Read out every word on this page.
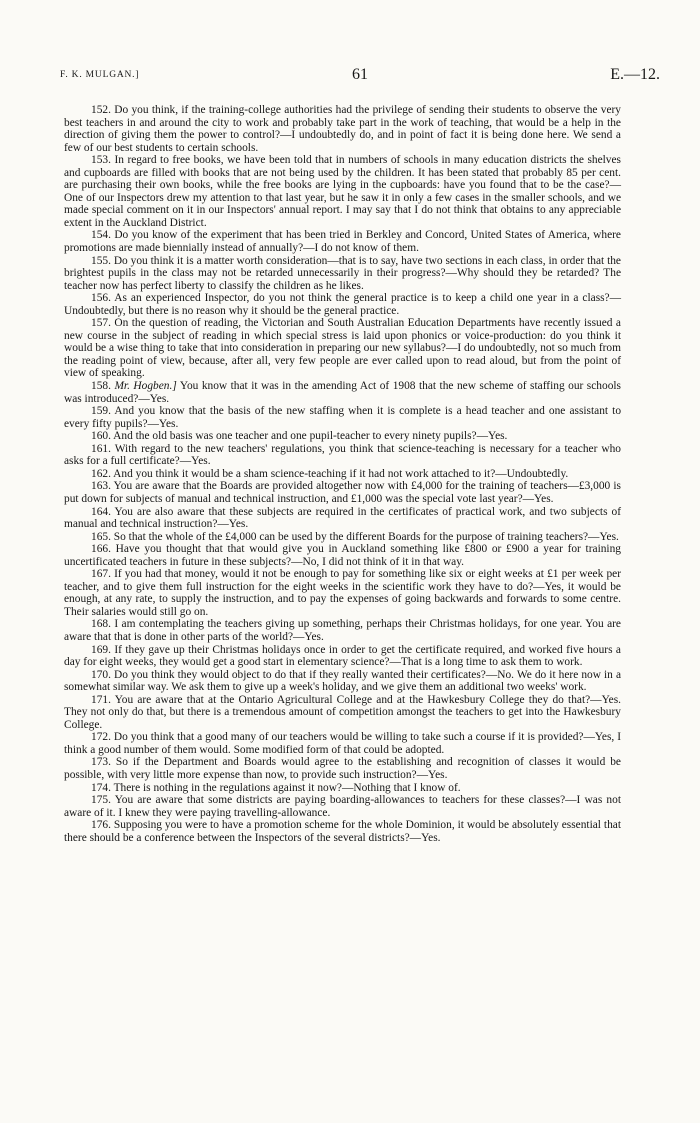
F. K. MULGAN.]	61	E.—12.

152. Do you think, if the training-college authorities had the privilege of sending their students to observe the very best teachers in and around the city to work and probably take part in the work of teaching, that would be a help in the direction of giving them the power to control?—I undoubtedly do, and in point of fact it is being done here. We send a few of our best students to certain schools.

153. In regard to free books, we have been told that in numbers of schools in many education districts the shelves and cupboards are filled with books that are not being used by the children. It has been stated that probably 85 per cent. are purchasing their own books, while the free books are lying in the cupboards: have you found that to be the case?—One of our Inspectors drew my attention to that last year, but he saw it in only a few cases in the smaller schools, and we made special comment on it in our Inspectors' annual report. I may say that I do not think that obtains to any appreciable extent in the Auckland District.

154. Do you know of the experiment that has been tried in Berkley and Concord, United States of America, where promotions are made biennially instead of annually?—I do not know of them.

155. Do you think it is a matter worth consideration—that is to say, have two sections in each class, in order that the brightest pupils in the class may not be retarded unnecessarily in their progress?—Why should they be retarded? The teacher now has perfect liberty to classify the children as he likes.

156. As an experienced Inspector, do you not think the general practice is to keep a child one year in a class?—Undoubtedly, but there is no reason why it should be the general practice.

157. On the question of reading, the Victorian and South Australian Education Departments have recently issued a new course in the subject of reading in which special stress is laid upon phonics or voice-production: do you think it would be a wise thing to take that into consideration in preparing our new syllabus?—I do undoubtedly, not so much from the reading point of view, because, after all, very few people are ever called upon to read aloud, but from the point of view of speaking.

158. Mr. Hogben.] You know that it was in the amending Act of 1908 that the new scheme of staffing our schools was introduced?—Yes.

159. And you know that the basis of the new staffing when it is complete is a head teacher and one assistant to every fifty pupils?—Yes.

160. And the old basis was one teacher and one pupil-teacher to every ninety pupils?—Yes.

161. With regard to the new teachers' regulations, you think that science-teaching is necessary for a teacher who asks for a full certificate?—Yes.

162. And you think it would be a sham science-teaching if it had not work attached to it?—Undoubtedly.

163. You are aware that the Boards are provided altogether now with £4,000 for the training of teachers—£3,000 is put down for subjects of manual and technical instruction, and £1,000 was the special vote last year?—Yes.

164. You are also aware that these subjects are required in the certificates of practical work, and two subjects of manual and technical instruction?—Yes.

165. So that the whole of the £4,000 can be used by the different Boards for the purpose of training teachers?—Yes.

166. Have you thought that that would give you in Auckland something like £800 or £900 a year for training uncertificated teachers in future in these subjects?—No, I did not think of it in that way.

167. If you had that money, would it not be enough to pay for something like six or eight weeks at £1 per week per teacher, and to give them full instruction for the eight weeks in the scientific work they have to do?—Yes, it would be enough, at any rate, to supply the instruction, and to pay the expenses of going backwards and forwards to some centre. Their salaries would still go on.

168. I am contemplating the teachers giving up something, perhaps their Christmas holidays, for one year. You are aware that that is done in other parts of the world?—Yes.

169. If they gave up their Christmas holidays once in order to get the certificate required, and worked five hours a day for eight weeks, they would get a good start in elementary science?—That is a long time to ask them to work.

170. Do you think they would object to do that if they really wanted their certificates?—No. We do it here now in a somewhat similar way. We ask them to give up a week's holiday, and we give them an additional two weeks' work.

171. You are aware that at the Ontario Agricultural College and at the Hawkesbury College they do that?—Yes. They not only do that, but there is a tremendous amount of competition amongst the teachers to get into the Hawkesbury College.

172. Do you think that a good many of our teachers would be willing to take such a course if it is provided?—Yes, I think a good number of them would. Some modified form of that could be adopted.

173. So if the Department and Boards would agree to the establishing and recognition of classes it would be possible, with very little more expense than now, to provide such instruction?—Yes.

174. There is nothing in the regulations against it now?—Nothing that I know of.

175. You are aware that some districts are paying boarding-allowances to teachers for these classes?—I was not aware of it. I knew they were paying travelling-allowance.

176. Supposing you were to have a promotion scheme for the whole Dominion, it would be absolutely essential that there should be a conference between the Inspectors of the several districts?—Yes.
